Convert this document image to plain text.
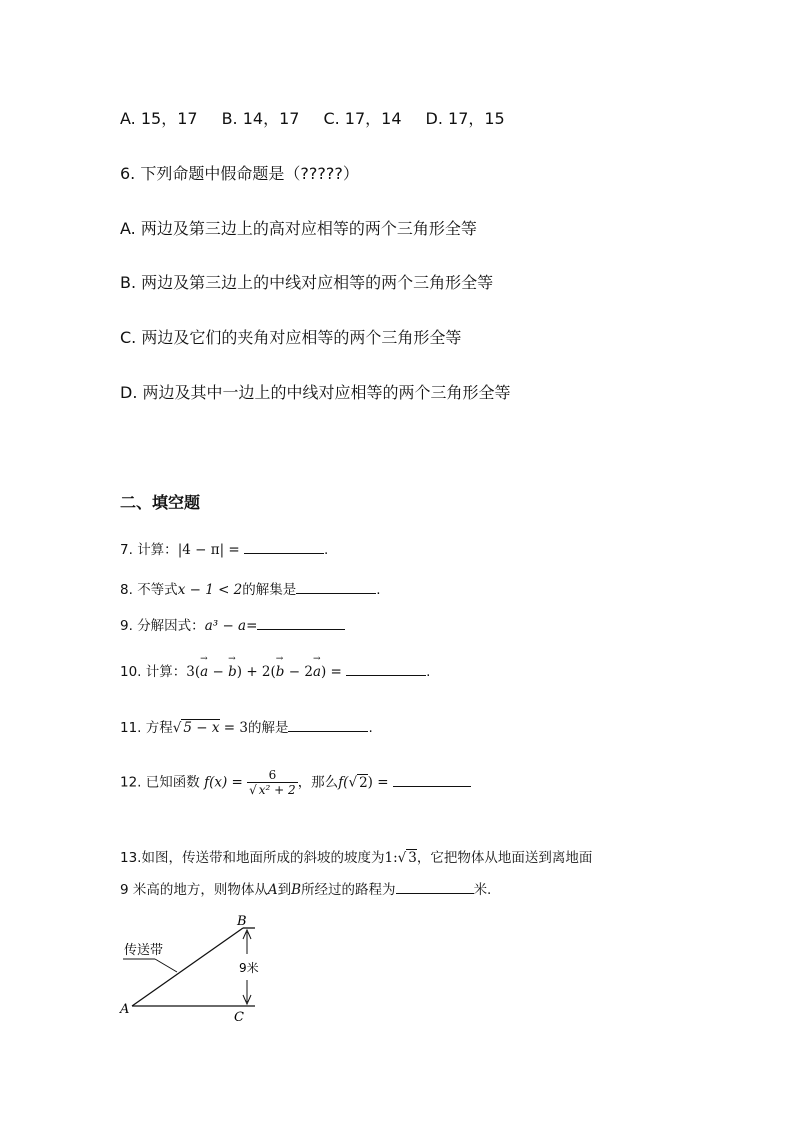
A. 15，17 B. 14，17 C. 17，14 D. 17，15
6. 下列命题中假命题是（?????）
A. 两边及第三边上的高对应相等的两个三角形全等
B. 两边及第三边上的中线对应相等的两个三角形全等
C. 两边及它们的夹角对应相等的两个三角形全等
D. 两边及其中一边上的中线对应相等的两个三角形全等
二、填空题
7. 计算：|4 − π| =	.
8. 不等式x − 1 < 2的解集是	.
9. 分解因式：a³ − a=
10. 计算：3(→ a − → b) + 2(→ b − 2→ a) =	.
11. 方程√ 5 − x = 3的解是	.
12. 已知函数 $f(x) = \frac{6}{\text{√ x² + 2}}$ ，那么f(√ 2) =
13.如图，传送带和地面所成的斜坡的坡度为1:√ 3，它把物体从地面送到离地面
9 米高的地方，则物体从A到B所经过的路程为	米.
传送带
B
A
C
9米
